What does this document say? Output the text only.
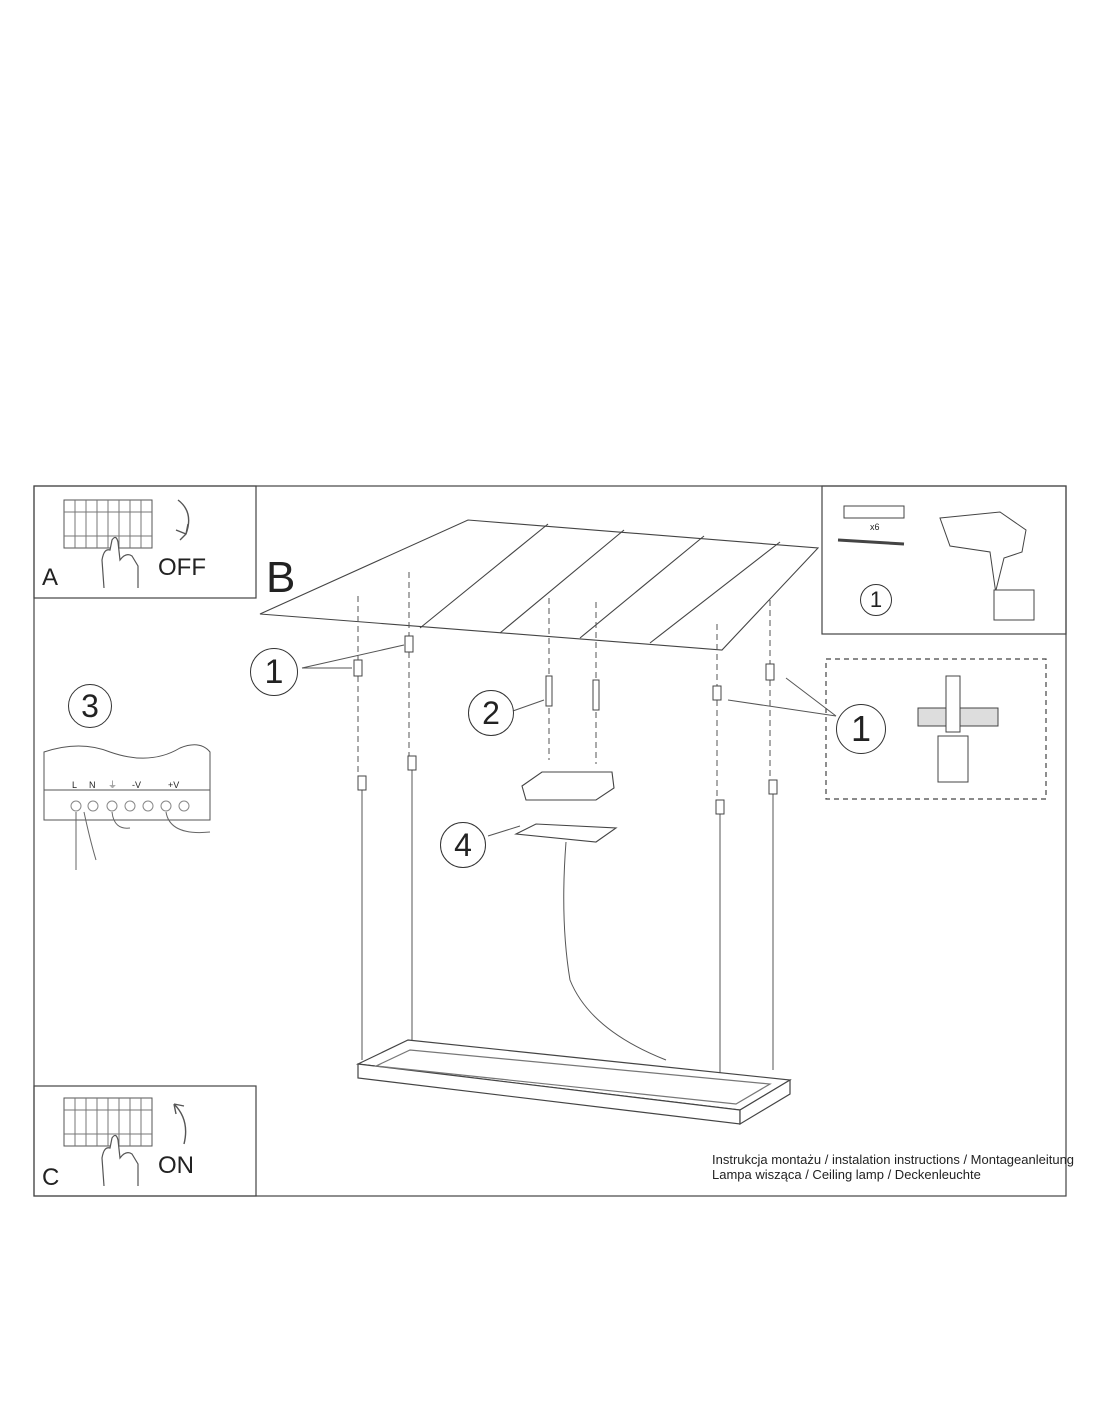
A	OFF
C	ON
B
1
1
2
3
4
1
x6
L N ⏚ -V	+V
Instrukcja montażu / instalation instructions / Montageanleitung
Lampa wisząca / Ceiling lamp / Deckenleuchte
